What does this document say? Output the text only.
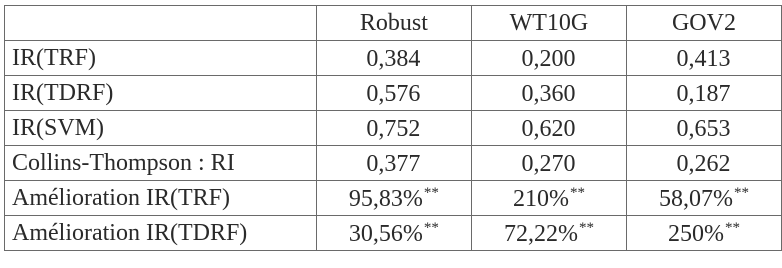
	Robust	WT10G	GOV2
IR(TRF)	0,384	0,200	0,413
IR(TDRF)	0,576	0,360	0,187
IR(SVM)	0,752	0,620	0,653
Collins-Thompson : RI	0,377	0,270	0,262
Amélioration IR(TRF)	95,83%**	210%**	58,07%**
Amélioration IR(TDRF)	30,56%**	72,22%**	250%**
